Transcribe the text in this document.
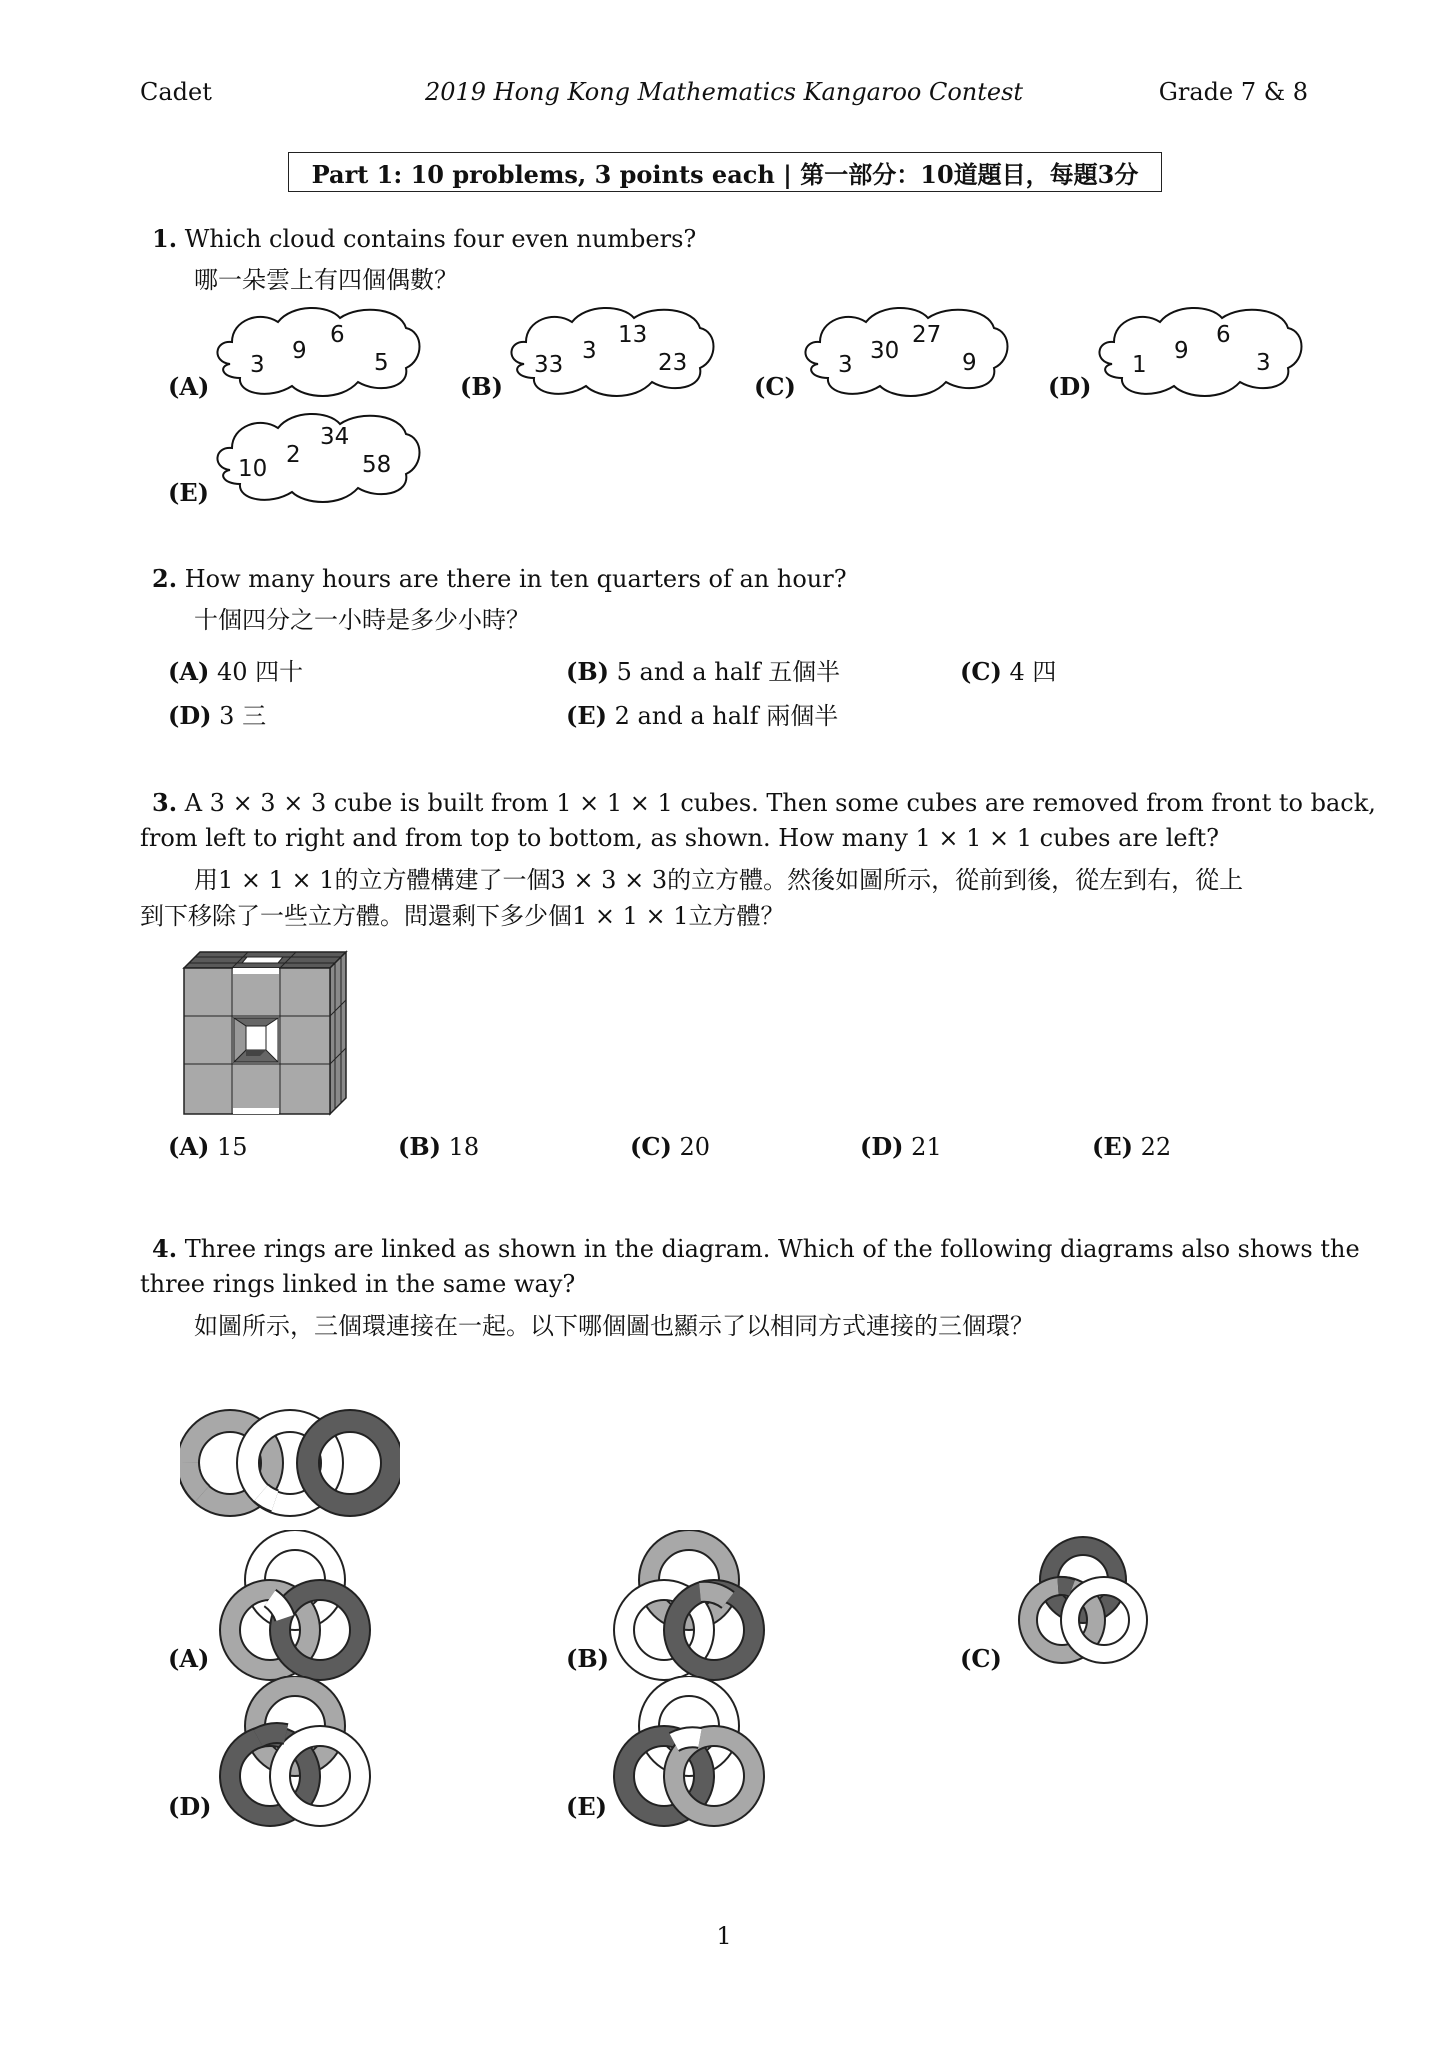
Cadet	2019 Hong Kong Mathematics Kangaroo Contest	Grade 7 & 8
Part 1: 10 problems, 3 points each | 第一部分：10道題目，每題3分
1. Which cloud contains four even numbers?
哪一朵雲上有四個偶數？
(A)	(B)	(C)	(D)
(E)
3
9
6
5	33
3
13
23	3
30
27
9	1
9
6
3
10
2
34
58
2. How many hours are there in ten quarters of an hour?
十個四分之一小時是多少小時？
(A) 40 四十	(B) 5 and a half 五個半	(C) 4 四
(D) 3 三	(E) 2 and a half 兩個半
3. A 3 × 3 × 3 cube is built from 1 × 1 × 1 cubes. Then some cubes are removed from front to back,
from left to right and from top to bottom, as shown. How many 1 × 1 × 1 cubes are left?
用1 × 1 × 1的立方體構建了一個3 × 3 × 3的立方體。然後如圖所示，從前到後，從左到右，從上
到下移除了一些立方體。問還剩下多少個1 × 1 × 1立方體？
(A) 15	(B) 18	(C) 20	(D) 21	(E) 22
4. Three rings are linked as shown in the diagram. Which of the following diagrams also shows the
three rings linked in the same way?
如圖所示，三個環連接在一起。以下哪個圖也顯示了以相同方式連接的三個環？
(A)	(B)	(C)
(D)	(E)
1
